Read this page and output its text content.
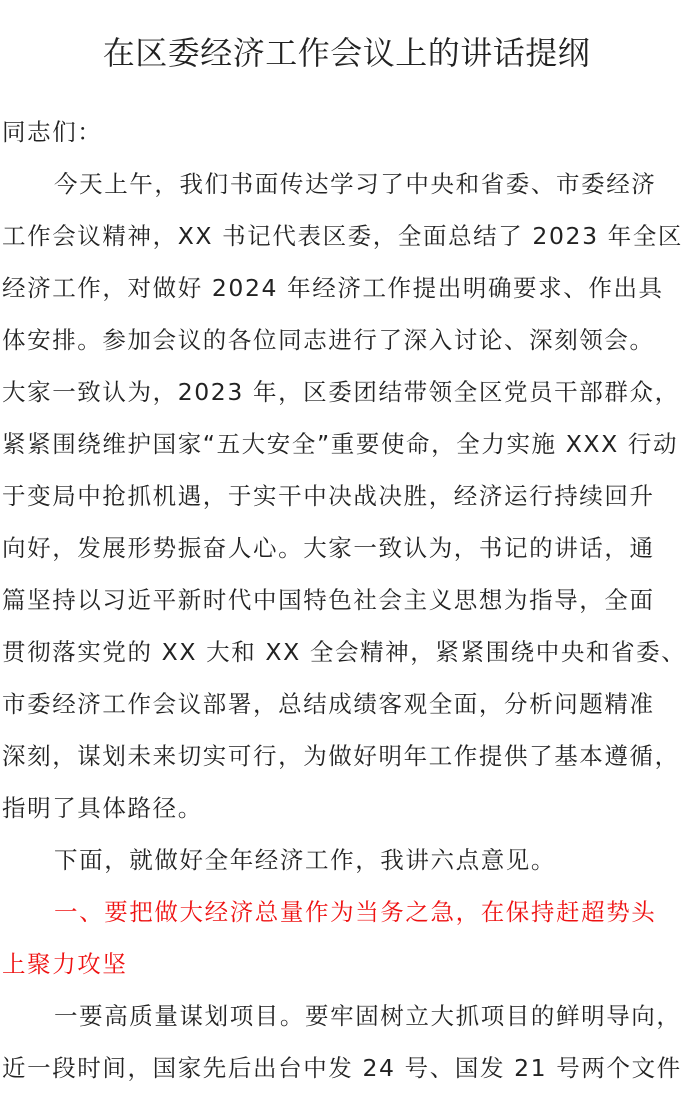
在区委经济工作会议上的讲话提纲
同志们：
今天上午，我们书面传达学习了中央和省委、市委经济
工作会议精神，XX 书记代表区委，全面总结了 2023 年全区
经济工作，对做好 2024 年经济工作提出明确要求、作出具
体安排。参加会议的各位同志进行了深入讨论、深刻领会。
大家一致认为，2023 年，区委团结带领全区党员干部群众，
紧紧围绕维护国家“五大安全”重要使命，全力实施 XXX 行动
于变局中抢抓机遇，于实干中决战决胜，经济运行持续回升
向好，发展形势振奋人心。大家一致认为，书记的讲话，通
篇坚持以习近平新时代中国特色社会主义思想为指导，全面
贯彻落实党的 XX 大和 XX 全会精神，紧紧围绕中央和省委、
市委经济工作会议部署，总结成绩客观全面，分析问题精准
深刻，谋划未来切实可行，为做好明年工作提供了基本遵循，
指明了具体路径。
下面，就做好全年经济工作，我讲六点意见。
一、要把做大经济总量作为当务之急，在保持赶超势头
上聚力攻坚
一要高质量谋划项目。要牢固树立大抓项目的鲜明导向，
近一段时间，国家先后出台中发 24 号、国发 21 号两个文件
